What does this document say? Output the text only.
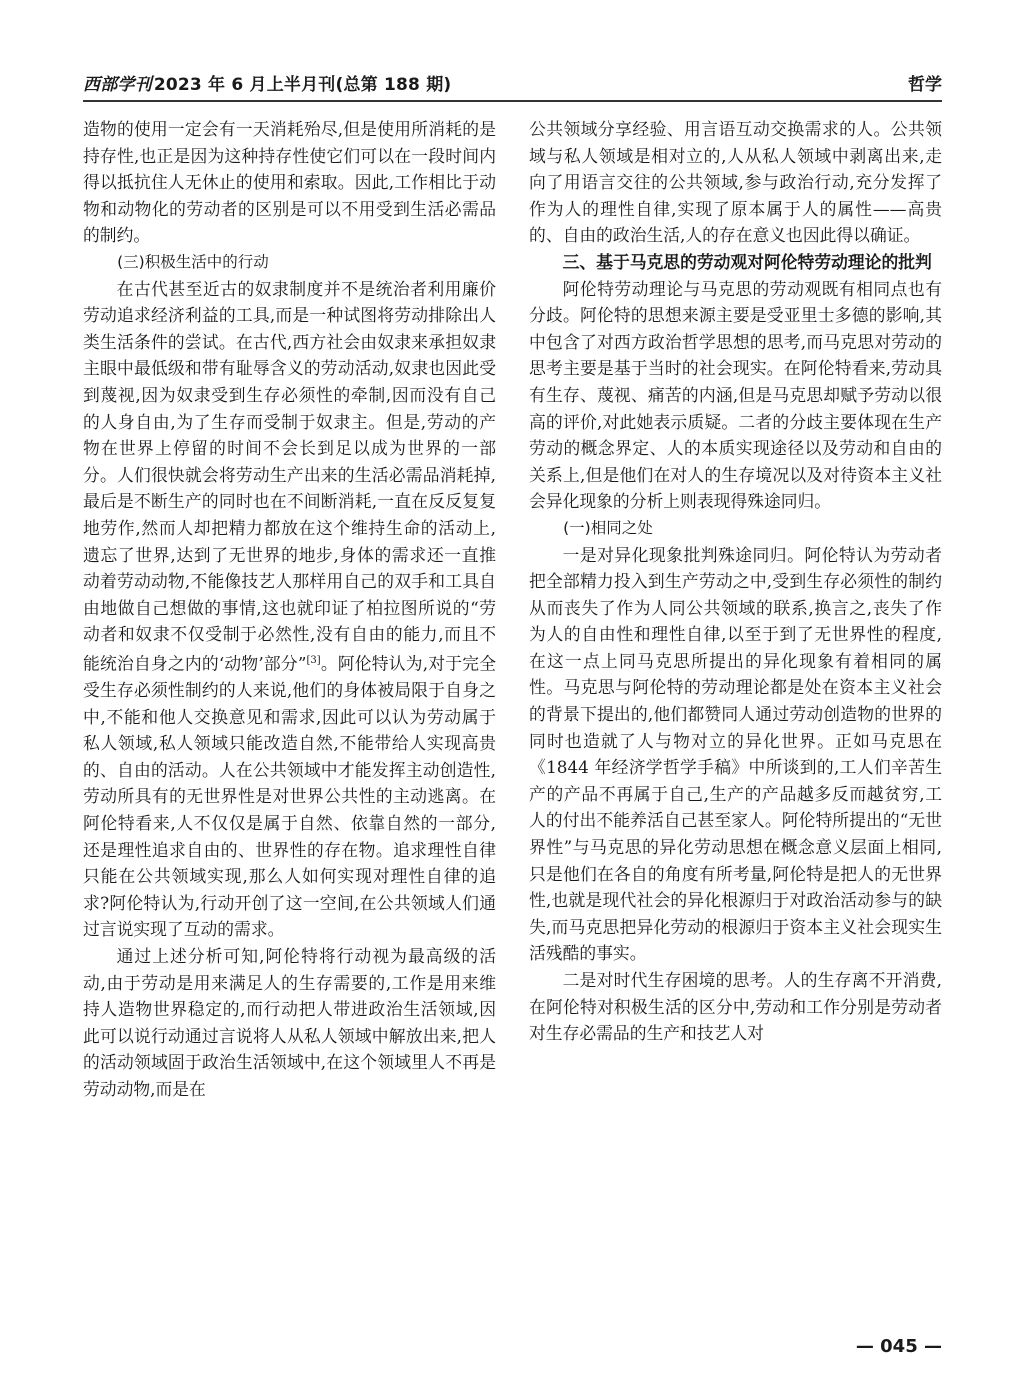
西部学刊 2023 年 6 月上半月刊(总第 188 期)	哲学

造物的使用一定会有一天消耗殆尽,但是使用所消耗的是持存性,也正是因为这种持存性使它们可以在一段时间内得以抵抗住人无休止的使用和索取。因此,工作相比于动物和动物化的劳动者的区别是可以不用受到生活必需品的制约。

(三)积极生活中的行动

在古代甚至近古的奴隶制度并不是统治者利用廉价劳动追求经济利益的工具,而是一种试图将劳动排除出人类生活条件的尝试。在古代,西方社会由奴隶来承担奴隶主眼中最低级和带有耻辱含义的劳动活动,奴隶也因此受到蔑视,因为奴隶受到生存必须性的牵制,因而没有自己的人身自由,为了生存而受制于奴隶主。但是,劳动的产物在世界上停留的时间不会长到足以成为世界的一部分。人们很快就会将劳动生产出来的生活必需品消耗掉,最后是不断生产的同时也在不间断消耗,一直在反反复复地劳作,然而人却把精力都放在这个维持生命的活动上,遗忘了世界,达到了无世界的地步,身体的需求还一直推动着劳动动物,不能像技艺人那样用自己的双手和工具自由地做自己想做的事情,这也就印证了柏拉图所说的“劳动者和奴隶不仅受制于必然性,没有自由的能力,而且不能统治自身之内的‘动物’部分”[3]。阿伦特认为,对于完全受生存必须性制约的人来说,他们的身体被局限于自身之中,不能和他人交换意见和需求,因此可以认为劳动属于私人领域,私人领域只能改造自然,不能带给人实现高贵的、自由的活动。人在公共领域中才能发挥主动创造性,劳动所具有的无世界性是对世界公共性的主动逃离。在阿伦特看来,人不仅仅是属于自然、依靠自然的一部分,还是理性追求自由的、世界性的存在物。追求理性自律只能在公共领域实现,那么人如何实现对理性自律的追求?阿伦特认为,行动开创了这一空间,在公共领域人们通过言说实现了互动的需求。

通过上述分析可知,阿伦特将行动视为最高级的活动,由于劳动是用来满足人的生存需要的,工作是用来维持人造物世界稳定的,而行动把人带进政治生活领域,因此可以说行动通过言说将人从私人领域中解放出来,把人的活动领域固于政治生活领域中,在这个领域里人不再是劳动动物,而是在

公共领域分享经验、用言语互动交换需求的人。公共领域与私人领域是相对立的,人从私人领域中剥离出来,走向了用语言交往的公共领域,参与政治行动,充分发挥了作为人的理性自律,实现了原本属于人的属性——高贵的、自由的政治生活,人的存在意义也因此得以确证。

三、基于马克思的劳动观对阿伦特劳动理论的批判

阿伦特劳动理论与马克思的劳动观既有相同点也有分歧。阿伦特的思想来源主要是受亚里士多德的影响,其中包含了对西方政治哲学思想的思考,而马克思对劳动的思考主要是基于当时的社会现实。在阿伦特看来,劳动具有生存、蔑视、痛苦的内涵,但是马克思却赋予劳动以很高的评价,对此她表示质疑。二者的分歧主要体现在生产劳动的概念界定、人的本质实现途径以及劳动和自由的关系上,但是他们在对人的生存境况以及对待资本主义社会异化现象的分析上则表现得殊途同归。

(一)相同之处

一是对异化现象批判殊途同归。阿伦特认为劳动者把全部精力投入到生产劳动之中,受到生存必须性的制约从而丧失了作为人同公共领域的联系,换言之,丧失了作为人的自由性和理性自律,以至于到了无世界性的程度,在这一点上同马克思所提出的异化现象有着相同的属性。马克思与阿伦特的劳动理论都是处在资本主义社会的背景下提出的,他们都赞同人通过劳动创造物的世界的同时也造就了人与物对立的异化世界。正如马克思在《1844 年经济学哲学手稿》中所谈到的,工人们辛苦生产的产品不再属于自己,生产的产品越多反而越贫穷,工人的付出不能养活自己甚至家人。阿伦特所提出的“无世界性”与马克思的异化劳动思想在概念意义层面上相同,只是他们在各自的角度有所考量,阿伦特是把人的无世界性,也就是现代社会的异化根源归于对政治活动参与的缺失,而马克思把异化劳动的根源归于资本主义社会现实生活残酷的事实。

二是对时代生存困境的思考。人的生存离不开消费,在阿伦特对积极生活的区分中,劳动和工作分别是劳动者对生存必需品的生产和技艺人对

— 045 —
